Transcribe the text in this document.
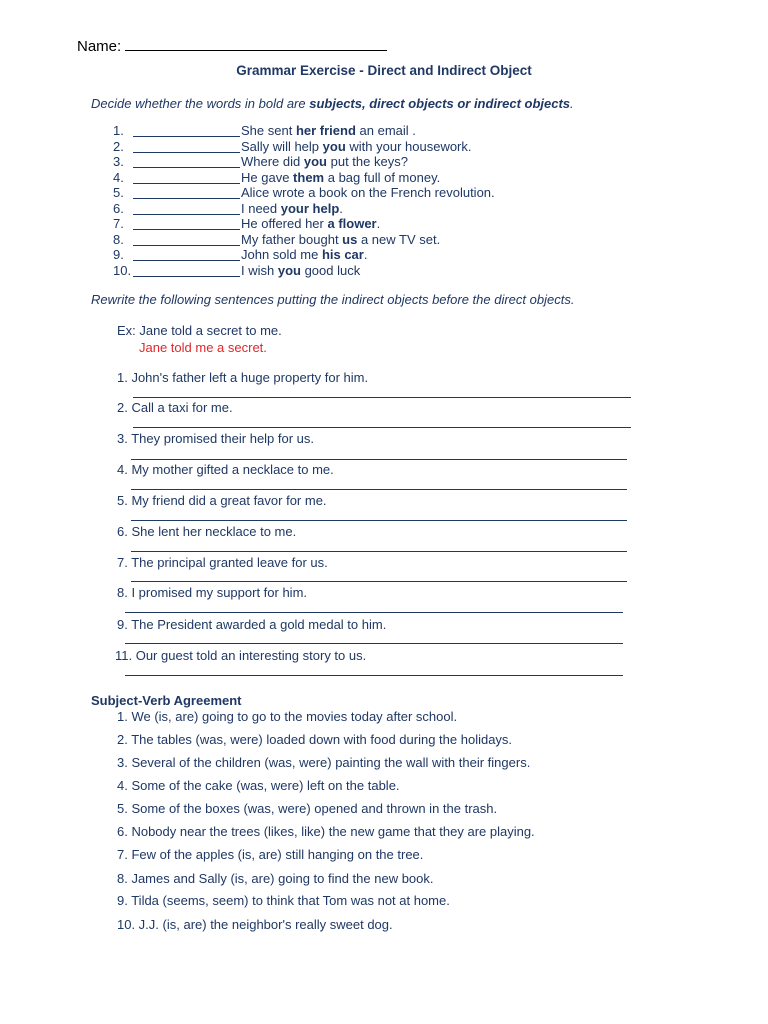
Name:
Grammar Exercise - Direct and Indirect Object
Decide whether the words in bold are subjects, direct objects or indirect objects.
1.	She sent her friend an email .
2.	Sally will help you with your housework.
3.	Where did you put the keys?
4.	He gave them a bag full of money.
5.	Alice wrote a book on the French revolution.
6.	I need your help.
7.	He offered her a flower.
8.	My father bought us a new TV set.
9.	John sold me his car.
10.	I wish you good luck
Rewrite the following sentences putting the indirect objects before the direct objects.
Ex: Jane told a secret to me.
Jane told me a secret.
1. John's father left a huge property for him.
2. Call a taxi for me.
3. They promised their help for us.
4. My mother gifted a necklace to me.
5. My friend did a great favor for me.
6. She lent her necklace to me.
7. The principal granted leave for us.
8. I promised my support for him.
9. The President awarded a gold medal to him.
11. Our guest told an interesting story to us.
Subject-Verb Agreement
1. We (is, are) going to go to the movies today after school.
2. The tables (was, were) loaded down with food during the holidays.
3. Several of the children (was, were) painting the wall with their fingers.
4. Some of the cake (was, were) left on the table.
5. Some of the boxes (was, were) opened and thrown in the trash.
6. Nobody near the trees (likes, like) the new game that they are playing.
7. Few of the apples (is, are) still hanging on the tree.
8. James and Sally (is, are) going to find the new book.
9. Tilda (seems, seem) to think that Tom was not at home.
10. J.J. (is, are) the neighbor's really sweet dog.
